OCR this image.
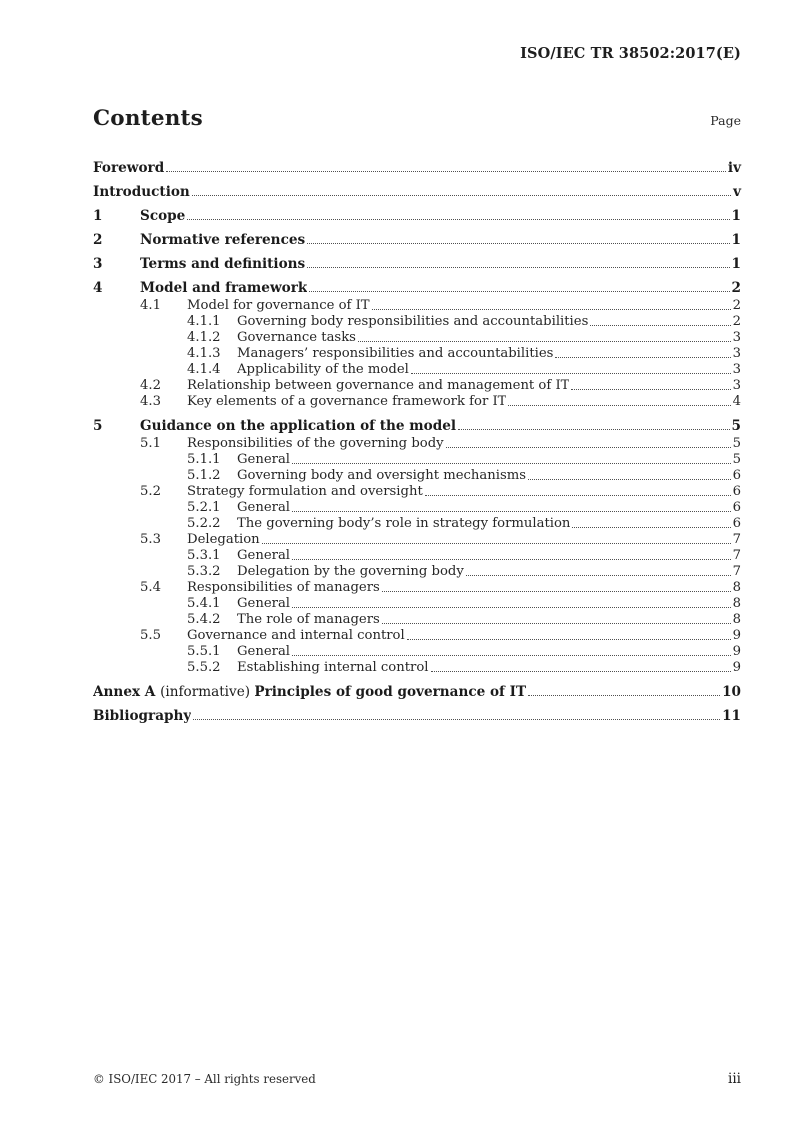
ISO/IEC TR 38502:2017(E)
Contents	Page
Foreword	iv
Introduction	v
1	Scope	1
2	Normative references	1
3	Terms and definitions	1
4	Model and framework	2
4.1	Model for governance of IT	2
4.1.1	Governing body responsibilities and accountabilities	2
4.1.2	Governance tasks	3
4.1.3	Managers’ responsibilities and accountabilities	3
4.1.4	Applicability of the model	3
4.2	Relationship between governance and management of IT	3
4.3	Key elements of a governance framework for IT	4
5	Guidance on the application of the model	5
5.1	Responsibilities of the governing body	5
5.1.1	General	5
5.1.2	Governing body and oversight mechanisms	6
5.2	Strategy formulation and oversight	6
5.2.1	General	6
5.2.2	The governing body’s role in strategy formulation	6
5.3	Delegation	7
5.3.1	General	7
5.3.2	Delegation by the governing body	7
5.4	Responsibilities of managers	8
5.4.1	General	8
5.4.2	The role of managers	8
5.5	Governance and internal control	9
5.5.1	General	9
5.5.2	Establishing internal control	9
Annex A (informative) Principles of good governance of IT	10
Bibliography	11
© ISO/IEC 2017 – All rights reserved	iii
